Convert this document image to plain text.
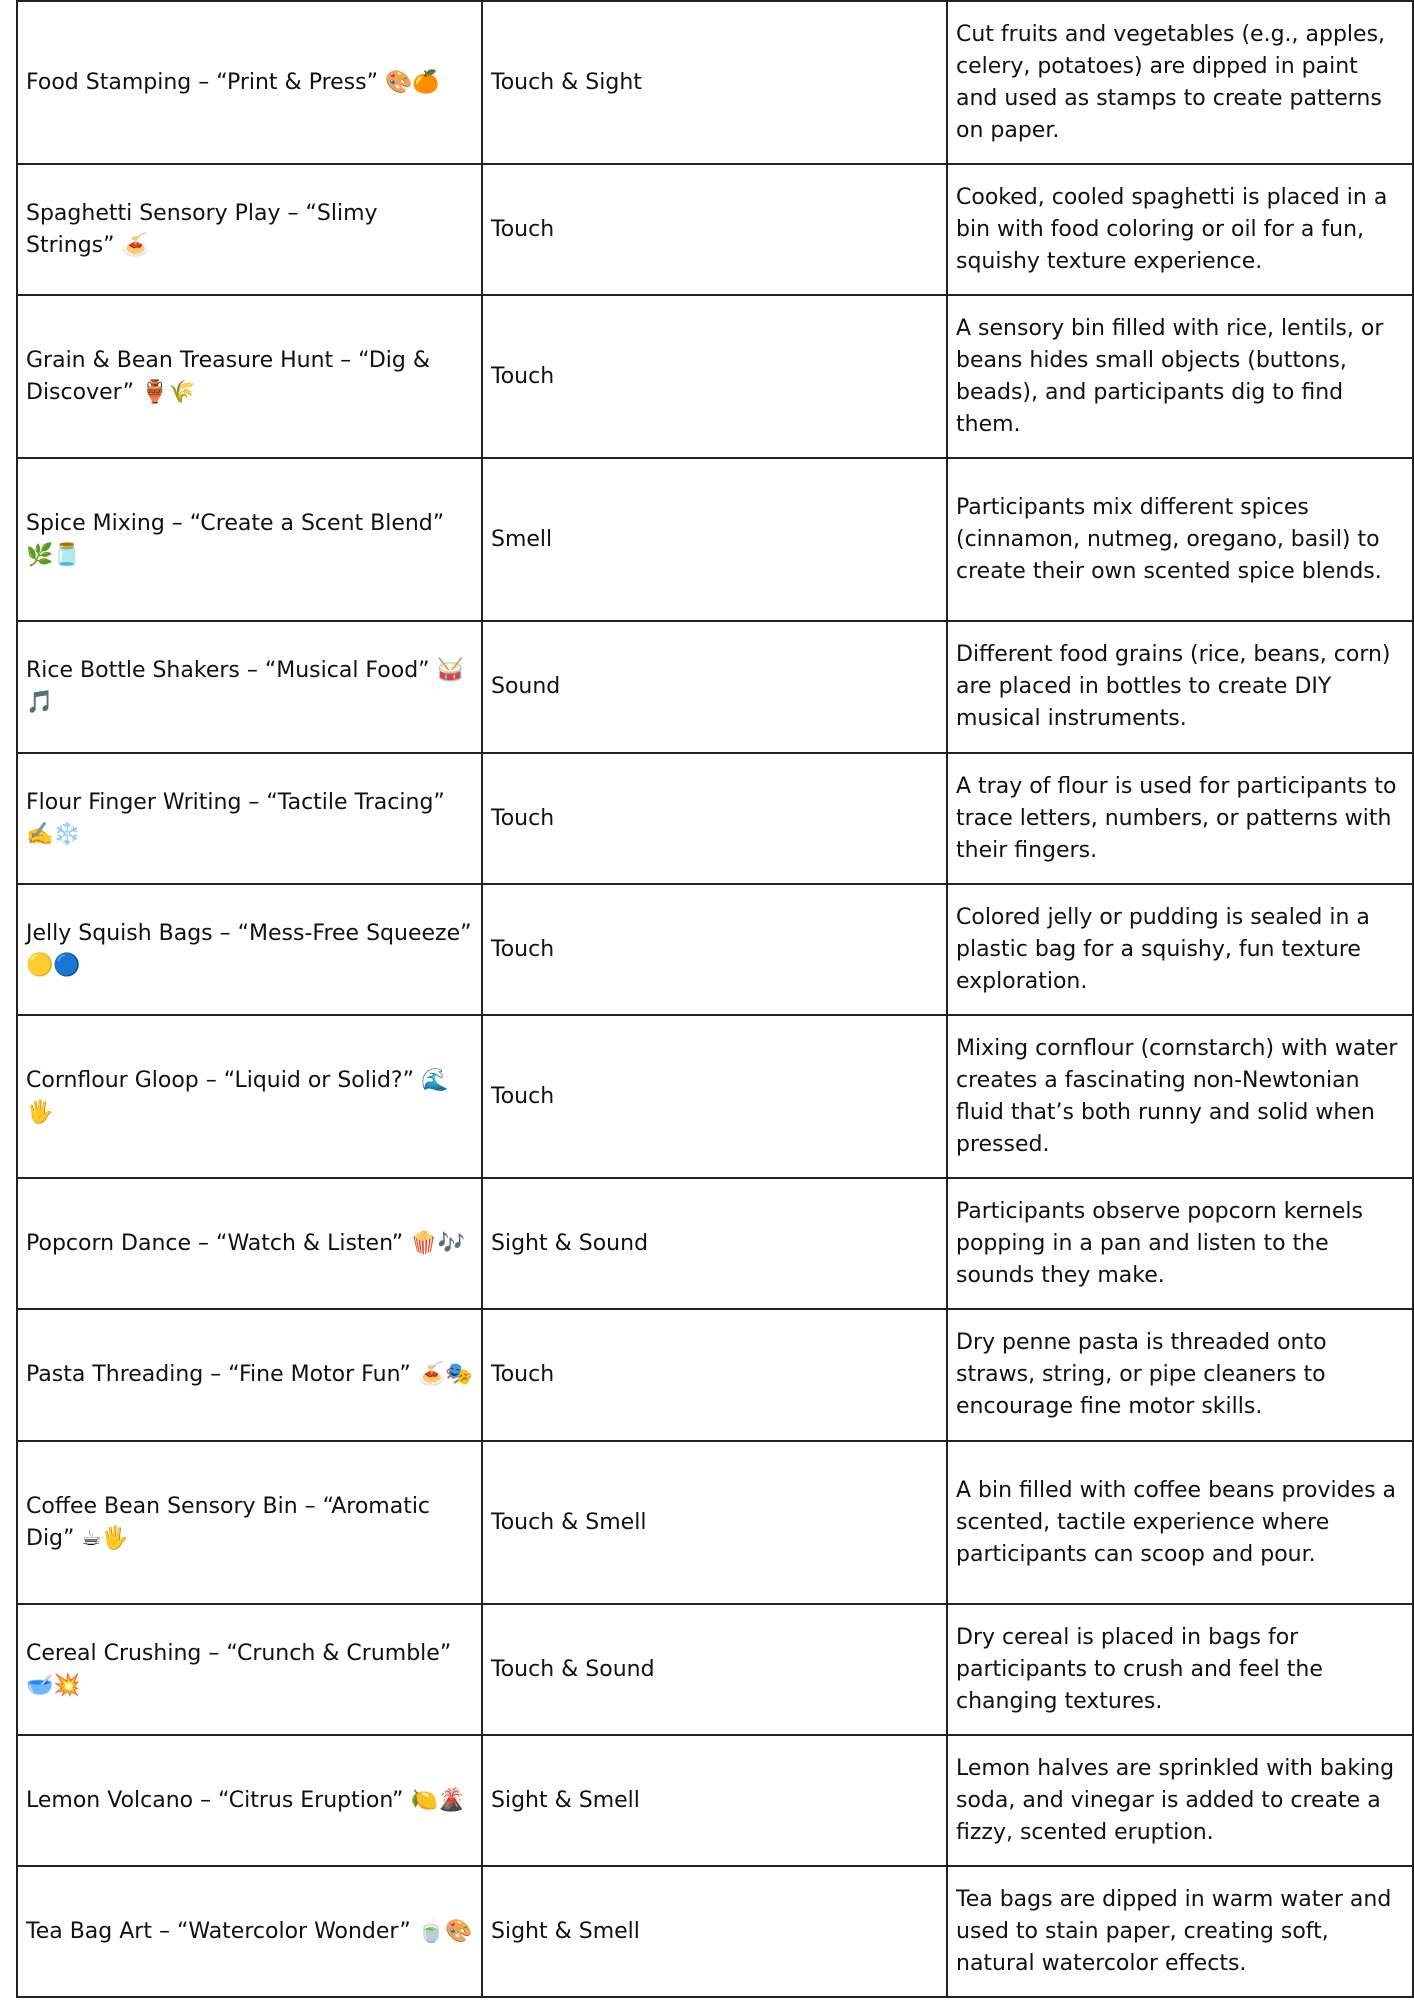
Food Stamping – “Print & Press” 🎨🍊	Touch & Sight	Cut fruits and vegetables (e.g., apples, celery, potatoes) are dipped in paint and used as stamps to create patterns on paper.
Spaghetti Sensory Play – “Slimy Strings” 🍝	Touch	Cooked, cooled spaghetti is placed in a bin with food coloring or oil for a fun, squishy texture experience.
Grain & Bean Treasure Hunt – “Dig & Discover” 🏺🌾	Touch	A sensory bin filled with rice, lentils, or beans hides small objects (buttons, beads), and participants dig to find them.
Spice Mixing – “Create a Scent Blend” 🌿🫙	Smell	Participants mix different spices (cinnamon, nutmeg, oregano, basil) to create their own scented spice blends.
Rice Bottle Shakers – “Musical Food” 🥁🎵	Sound	Different food grains (rice, beans, corn) are placed in bottles to create DIY musical instruments.
Flour Finger Writing – “Tactile Tracing” ✍️❄️	Touch	A tray of flour is used for participants to trace letters, numbers, or patterns with their fingers.
Jelly Squish Bags – “Mess-Free Squeeze” 🟡🔵	Touch	Colored jelly or pudding is sealed in a plastic bag for a squishy, fun texture exploration.
Cornflour Gloop – “Liquid or Solid?” 🌊🖐️	Touch	Mixing cornflour (cornstarch) with water creates a fascinating non-Newtonian fluid that’s both runny and solid when pressed.
Popcorn Dance – “Watch & Listen” 🍿🎶	Sight & Sound	Participants observe popcorn kernels popping in a pan and listen to the sounds they make.
Pasta Threading – “Fine Motor Fun” 🍝🎭	Touch	Dry penne pasta is threaded onto straws, string, or pipe cleaners to encourage fine motor skills.
Coffee Bean Sensory Bin – “Aromatic Dig” ☕🖐️	Touch & Smell	A bin filled with coffee beans provides a scented, tactile experience where participants can scoop and pour.
Cereal Crushing – “Crunch & Crumble” 🥣💥	Touch & Sound	Dry cereal is placed in bags for participants to crush and feel the changing textures.
Lemon Volcano – “Citrus Eruption” 🍋🌋	Sight & Smell	Lemon halves are sprinkled with baking soda, and vinegar is added to create a fizzy, scented eruption.
Tea Bag Art – “Watercolor Wonder” 🍵🎨	Sight & Smell	Tea bags are dipped in warm water and used to stain paper, creating soft, natural watercolor effects.
